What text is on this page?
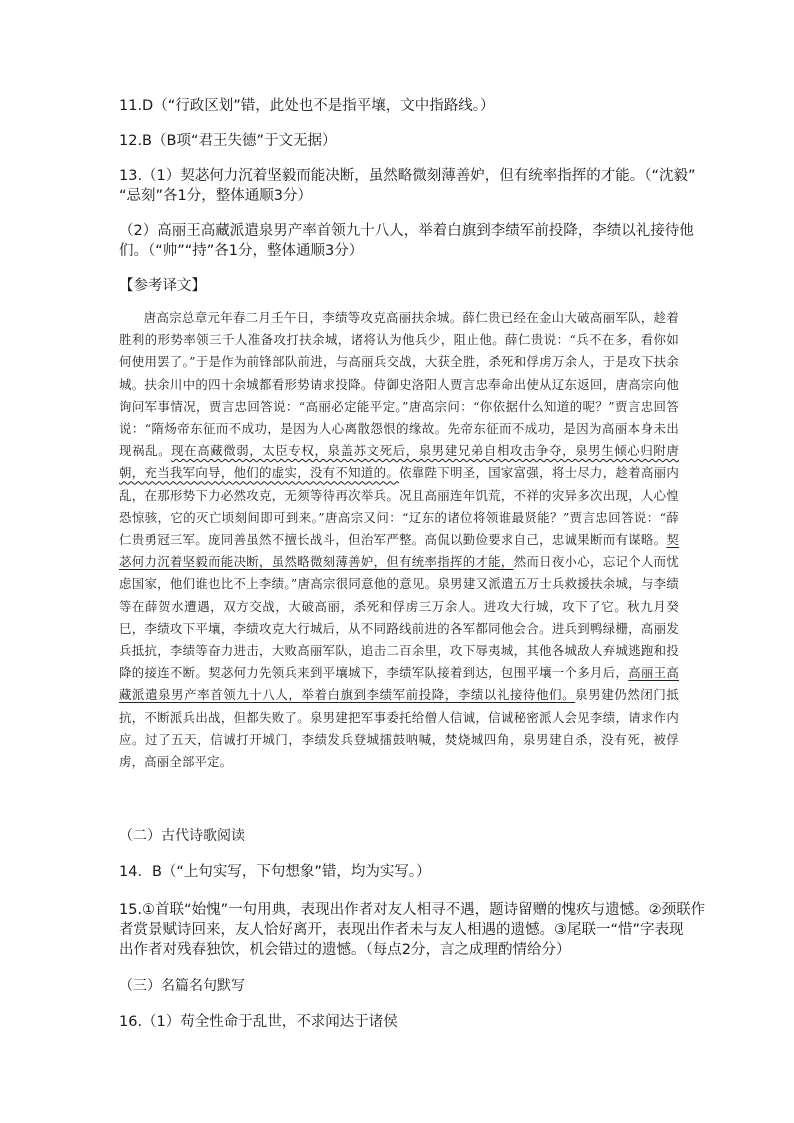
11.D（“行政区划”错，此处也不是指平壤，文中指路线。）
12.B（B项“君王失德”于文无据）
13.（1）契苾何力沉着坚毅而能决断，虽然略微刻薄善妒，但有统率指挥的才能。（“沈毅”
“忌刻”各1分，整体通顺3分）
（2）高丽王高藏派遣泉男产率首领九十八人，举着白旗到李绩军前投降，李绩以礼接待他
们。（“帅”“持”各1分，整体通顺3分）
【参考译文】

唐高宗总章元年春二月壬午日，李绩等攻克高丽扶余城。薛仁贵已经在金山大破高丽军队，趁着胜利的形势率领三千人准备攻打扶余城，诸将认为他兵少，阻止他。薛仁贵说：“兵不在多，看你如何使用罢了。”于是作为前锋部队前进，与高丽兵交战，大获全胜，杀死和俘虏万余人，于是攻下扶余城。扶余川中的四十余城都看形势请求投降。侍御史洛阳人贾言忠奉命出使从辽东返回，唐高宗向他询问军事情况，贾言忠回答说：“高丽必定能平定。”唐高宗问：“你依据什么知道的呢？”贾言忠回答说：“隋炀帝东征而不成功，是因为人心离散怨恨的缘故。先帝东征而不成功，是因为高丽本身未出现祸乱。现在高藏微弱，太臣专权，泉盖苏文死后，泉男建兄弟自相攻击争夺，泉男生倾心归附唐朝，充当我军向导，他们的虚实，没有不知道的。依靠陛下明圣，国家富强，将士尽力，趁着高丽内乱，在那形势下力必然攻克，无须等待再次举兵。况且高丽连年饥荒，不祥的灾异多次出现，人心惶恐惊骇，它的灭亡顷刻间即可到来。”唐高宗又问：“辽东的诸位将领谁最贤能？”贾言忠回答说：“薛仁贵勇冠三军。庞同善虽然不擅长战斗，但治军严整。高侃以勤俭要求自己，忠诚果断而有谋略。契苾何力沉着坚毅而能决断，虽然略微刻薄善妒，但有统率指挥的才能，然而日夜小心，忘记个人而忧虑国家，他们谁也比不上李绩。”唐高宗很同意他的意见。泉男建又派遣五万士兵救援扶余城，与李绩等在薛贺水遭遇，双方交战，大破高丽，杀死和俘虏三万余人。进攻大行城，攻下了它。秋九月癸巳，李绩攻下平壤，李绩攻克大行城后，从不同路线前进的各军都同他会合。进兵到鸭绿栅，高丽发兵抵抗，李绩等奋力进击，大败高丽军队，追击二百余里，攻下辱夷城，其他各城敌人弃城逃跑和投降的接连不断。契苾何力先领兵来到平壤城下，李绩军队接着到达，包围平壤一个多月后，高丽王高藏派遣泉男产率首领九十八人，举着白旗到李绩军前投降，李绩以礼接待他们。泉男建仍然闭门抵抗，不断派兵出战，但都失败了。泉男建把军事委托给僧人信诚，信诚秘密派人会见李绩，请求作内应。过了五天，信诚打开城门，李绩发兵登城擂鼓呐喊，焚烧城四角，泉男建自杀，没有死，被俘虏，高丽全部平定。

（二）古代诗歌阅读
14．B（“上句实写，下句想象”错，均为实写。）
15.①首联“始愧”一句用典，表现出作者对友人相寻不遇，题诗留赠的愧疚与遗憾。②颈联作
者赏景赋诗回来，友人恰好离开，表现出作者未与友人相遇的遗憾。③尾联一“惜”字表现
出作者对残春独饮，机会错过的遗憾。（每点2分，言之成理酌情给分）
（三）名篇名句默写
16.（1）苟全性命于乱世，不求闻达于诸侯
